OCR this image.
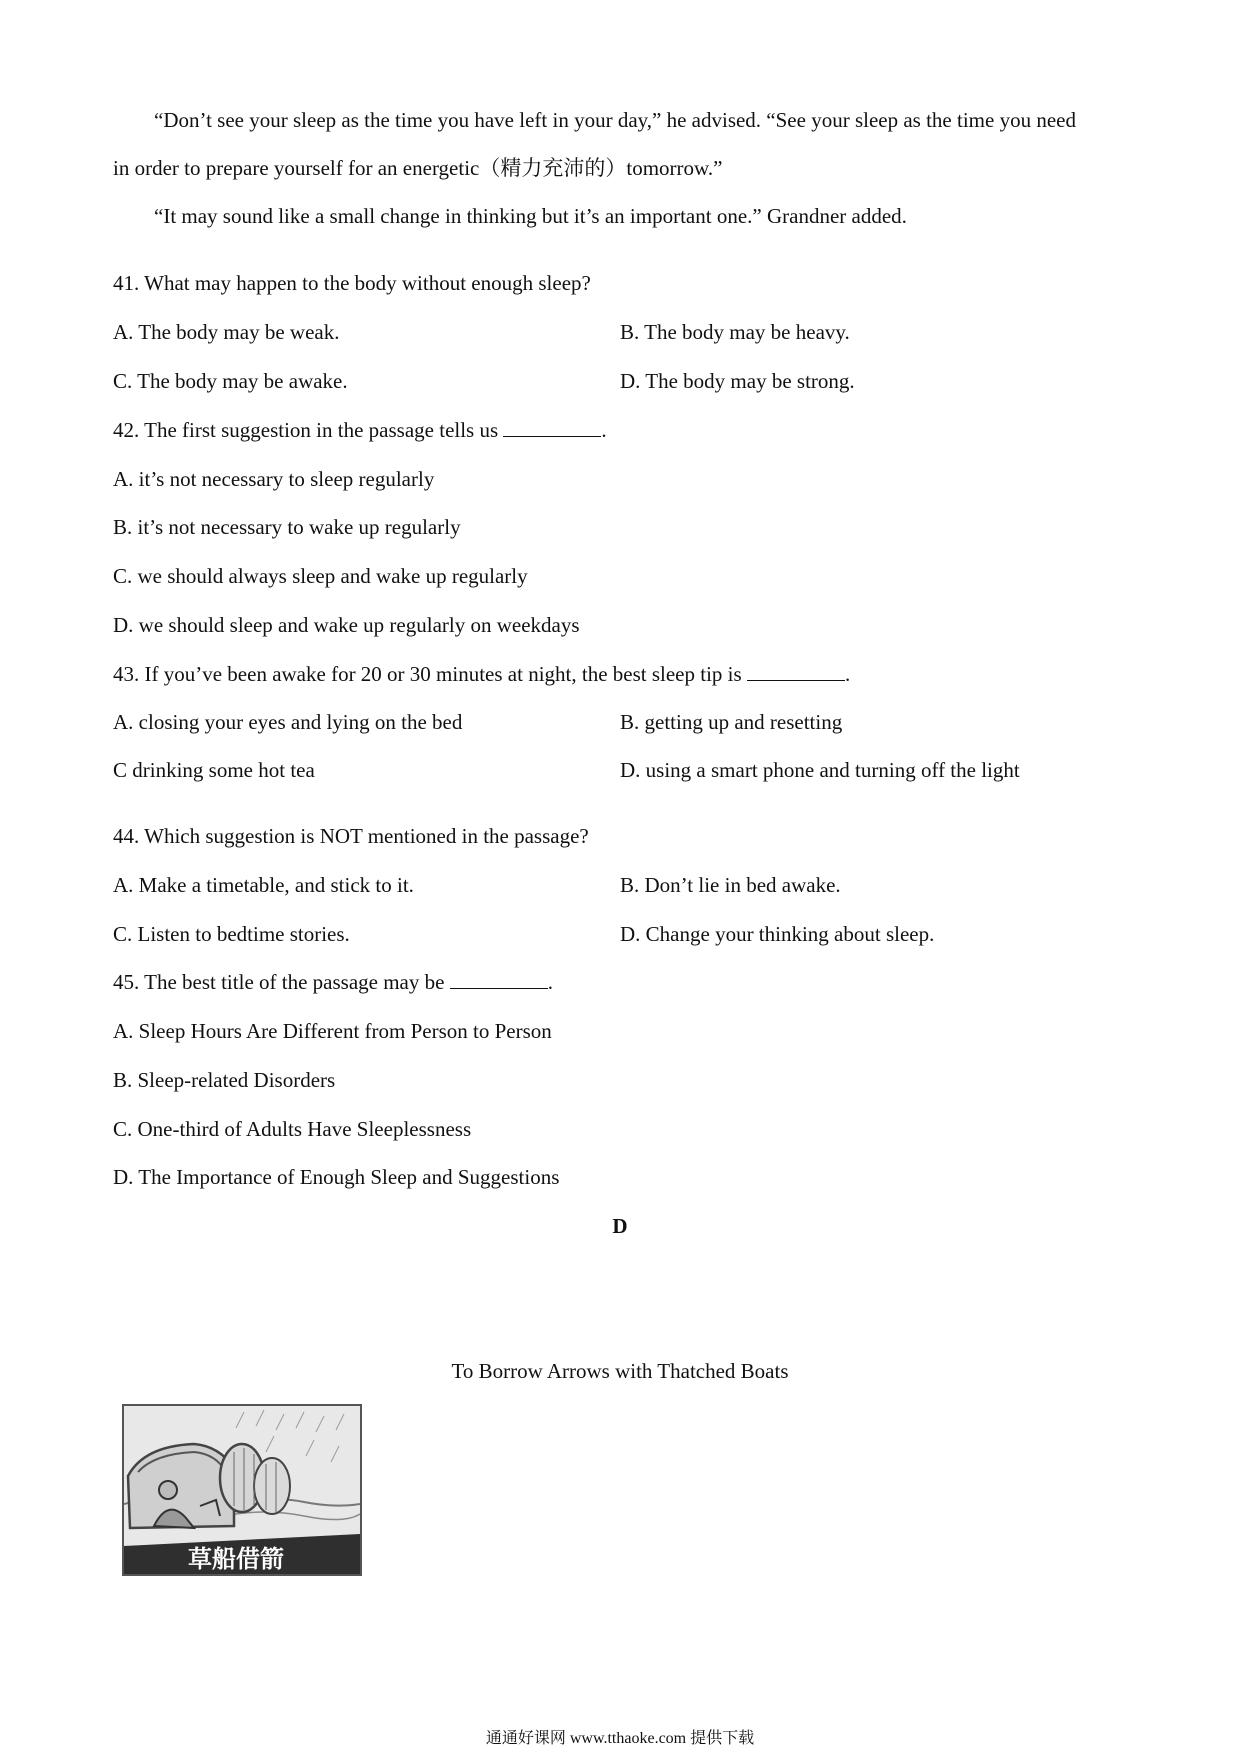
“Don’t see your sleep as the time you have left in your day,” he advised. “See your sleep as the time you need
in order to prepare yourself for an energetic（精力充沛的）tomorrow.”
“It may sound like a small change in thinking but it’s an important one.” Grandner added.
41. What may happen to the body without enough sleep?
A. The body may be weak.	B. The body may be heavy.
C. The body may be awake.	D. The body may be strong.
42. The first suggestion in the passage tells us	.
A. it’s not necessary to sleep regularly
B. it’s not necessary to wake up regularly
C. we should always sleep and wake up regularly
D. we should sleep and wake up regularly on weekdays
43. If you’ve been awake for 20 or 30 minutes at night, the best sleep tip is	.
A. closing your eyes and lying on the bed	B. getting up and resetting
C drinking some hot tea	D. using a smart phone and turning off the light
44. Which suggestion is NOT mentioned in the passage?
A. Make a timetable, and stick to it.	B. Don’t lie in bed awake.
C. Listen to bedtime stories.	D. Change your thinking about sleep.
45. The best title of the passage may be	.
A. Sleep Hours Are Different from Person to Person
B. Sleep-related Disorders
C. One-third of Adults Have Sleeplessness
D. The Importance of Enough Sleep and Suggestions
D
To Borrow Arrows with Thatched Boats
草船借箭
通通好课网 www.tthaoke.com 提供下载
